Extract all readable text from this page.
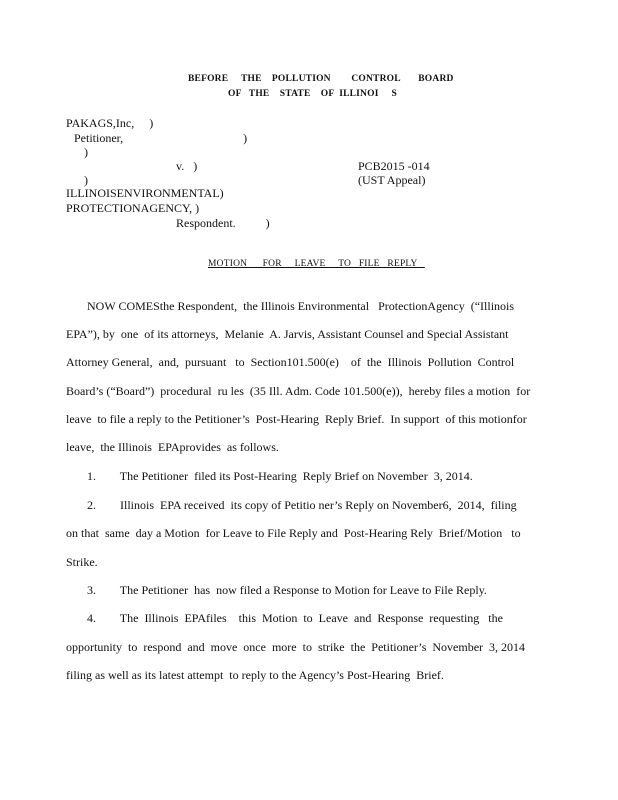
BEFORE     THE    POLLUTION        CONTROL       BOARD
OF   THE    STATE    OF  ILLINOI     S
PAKAGS,Inc,     )
Petitioner,                                        )
)
v.   )	PCB2015 -014
)	(UST Appeal)
ILLINOISENVIRONMENTAL)
PROTECTIONAGENCY, )
Respondent.          )
MOTION      FOR     LEAVE     TO   FILE   REPLY
NOW COMESthe Respondent,  the Illinois Environmental   ProtectionAgency  (“Illinois
EPA”), by  one  of its attorneys,  Melanie  A. Jarvis, Assistant Counsel and Special Assistant
Attorney General,  and,  pursuant   to  Section101.500(e)    of  the  Illinois  Pollution  Control
Board’s (“Board”)  procedural  ru les  (35 Ill. Adm. Code 101.500(e)),  hereby files a motion  for
leave  to file a reply to the Petitioner’s  Post-Hearing  Reply Brief.  In support  of this motionfor
leave,  the Illinois  EPAprovides  as follows.
1.        The Petitioner  filed its Post-Hearing  Reply Brief on November  3, 2014.
2.        Illinois  EPA received  its copy of Petitio ner’s Reply on November6,  2014,  filing
on that  same  day a Motion  for Leave to File Reply and  Post-Hearing Rely  Brief/Motion   to
Strike.
3.        The Petitioner  has  now filed a Response to Motion for Leave to File Reply.
4.        The  Illinois  EPAfiles    this  Motion  to  Leave  and  Response  requesting   the
opportunity  to  respond  and  move  once  more  to  strike  the  Petitioner’s  November  3, 2014
filing as well as its latest attempt  to reply to the Agency’s Post-Hearing  Brief.
